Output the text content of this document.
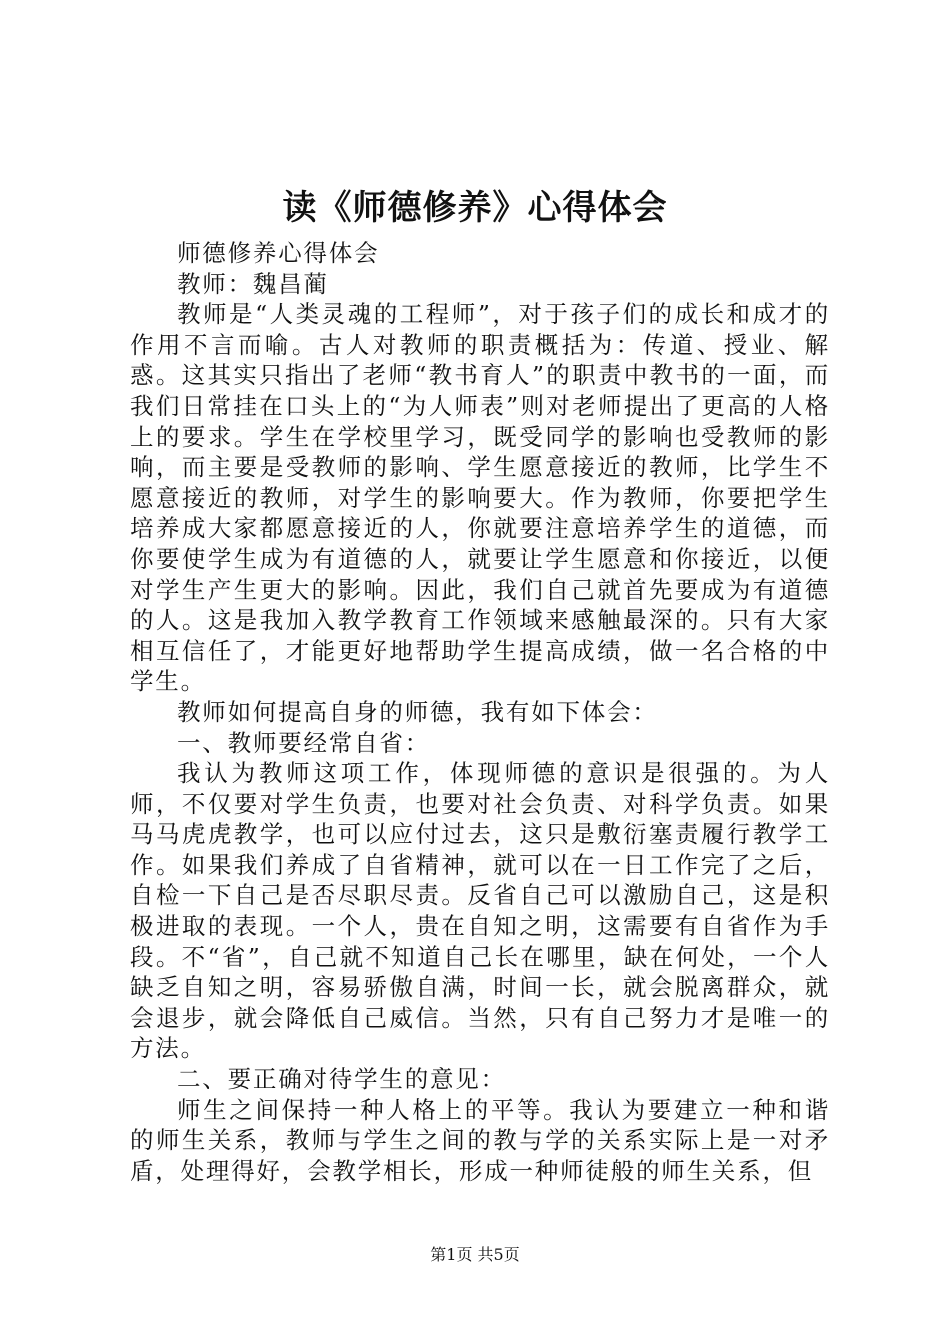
读《师德修养》心得体会

师德修养心得体会

教师：魏昌蔺

教师是“人类灵魂的工程师”，对于孩子们的成长和成才的作用不言而喻。古人对教师的职责概括为：传道、授业、解惑。这其实只指出了老师“教书育人”的职责中教书的一面，而我们日常挂在口头上的“为人师表”则对老师提出了更高的人格上的要求。学生在学校里学习，既受同学的影响也受教师的影响，而主要是受教师的影响、学生愿意接近的教师，比学生不愿意接近的教师，对学生的影响要大。作为教师，你要把学生培养成大家都愿意接近的人，你就要注意培养学生的道德，而你要使学生成为有道德的人，就要让学生愿意和你接近，以便对学生产生更大的影响。因此，我们自己就首先要成为有道德的人。这是我加入教学教育工作领域来感触最深的。只有大家相互信任了，才能更好地帮助学生提高成绩，做一名合格的中学生。

教师如何提高自身的师德，我有如下体会：

一、教师要经常自省：

我认为教师这项工作，体现师德的意识是很强的。为人师，不仅要对学生负责，也要对社会负责、对科学负责。如果马马虎虎教学，也可以应付过去，这只是敷衍塞责履行教学工作。如果我们养成了自省精神，就可以在一日工作完了之后，自检一下自己是否尽职尽责。反省自己可以激励自己，这是积极进取的表现。一个人，贵在自知之明，这需要有自省作为手段。不“省”，自己就不知道自己长在哪里，缺在何处，一个人缺乏自知之明，容易骄傲自满，时间一长，就会脱离群众，就会退步，就会降低自己威信。当然，只有自己努力才是唯一的方法。

二、要正确对待学生的意见：

师生之间保持一种人格上的平等。我认为要建立一种和谐的师生关系，教师与学生之间的教与学的关系实际上是一对矛盾，处理得好，会教学相长，形成一种师徒般的师生关系，但

第1页 共5页
